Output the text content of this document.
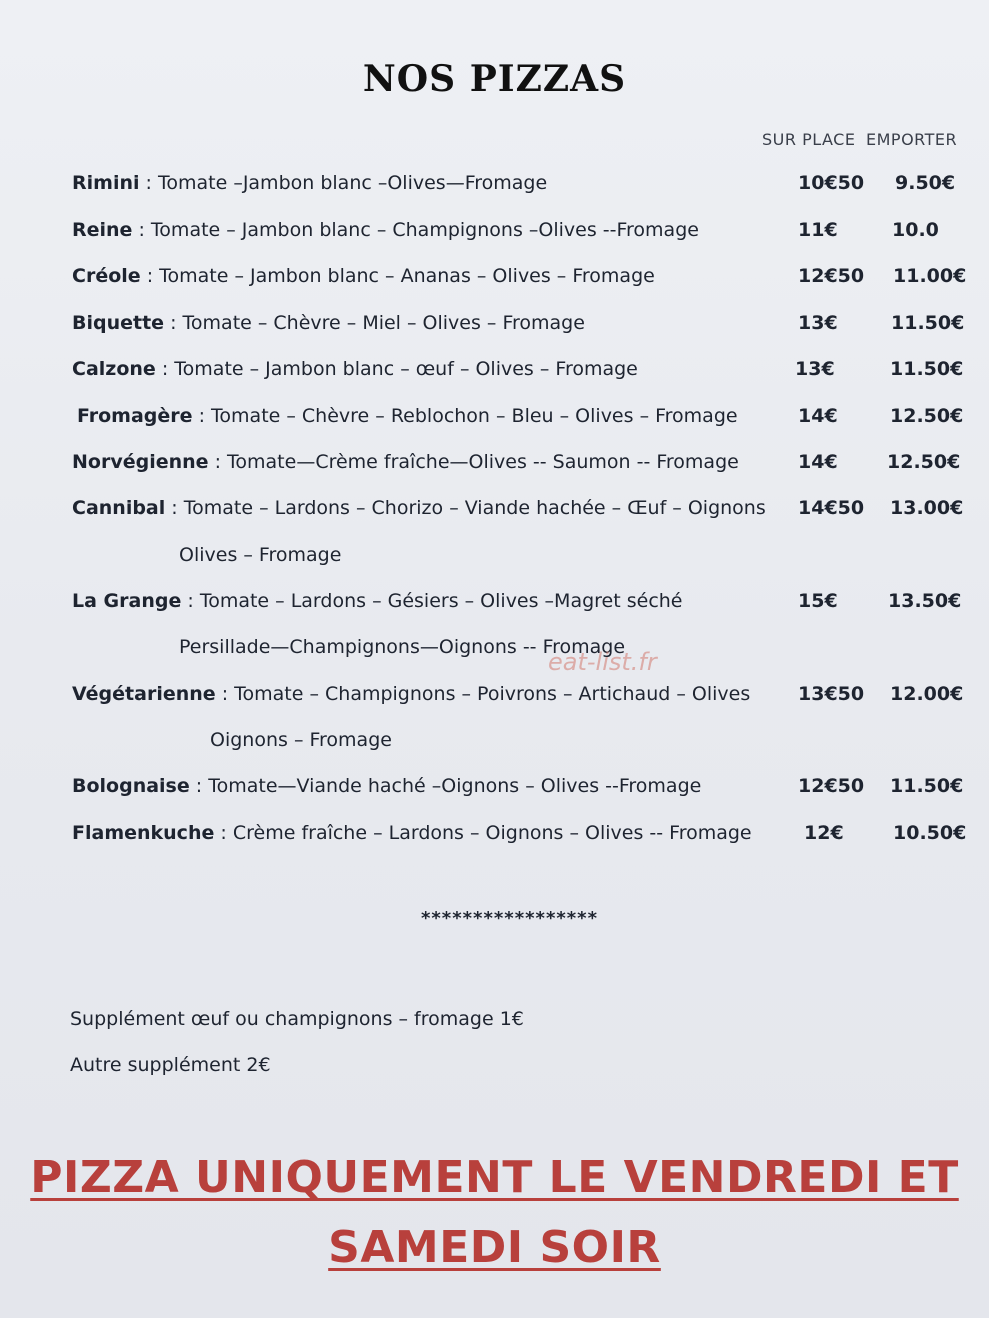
NOS PIZZAS
SUR PLACE EMPORTER
Rimini : Tomate –Jambon blanc –Olives—Fromage	10€50 9.50€
Reine : Tomate – Jambon blanc – Champignons –Olives --Fromage	11€	10.0
Créole : Tomate – Jambon blanc – Ananas – Olives – Fromage	12€50 11.00€
Biquette : Tomate – Chèvre – Miel – Olives – Fromage	13€	11.50€
Calzone : Tomate – Jambon blanc – œuf – Olives – Fromage	13€	11.50€
Fromagère : Tomate – Chèvre – Reblochon – Bleu – Olives – Fromage	14€	12.50€
Norvégienne : Tomate—Crème fraîche—Olives -- Saumon -- Fromage	14€	12.50€
Cannibal : Tomate – Lardons – Chorizo – Viande hachée – Œuf – Oignons 14€50 13.00€
Olives – Fromage
La Grange : Tomate – Lardons – Gésiers – Olives –Magret séché	15€	13.50€
Persillade—Champignons—Oignons -- Fromage
Végétarienne : Tomate – Champignons – Poivrons – Artichaud – Olives	13€50 12.00€
Oignons – Fromage
Bolognaise : Tomate—Viande haché –Oignons – Olives --Fromage	12€50 11.50€
Flamenkuche : Crème fraîche – Lardons – Oignons – Olives -- Fromage	12€	10.50€
*****************
Supplément œuf ou champignons – fromage 1€
Autre supplément 2€
PIZZA UNIQUEMENT LE VENDREDI ET
SAMEDI SOIR
eat-list.fr
